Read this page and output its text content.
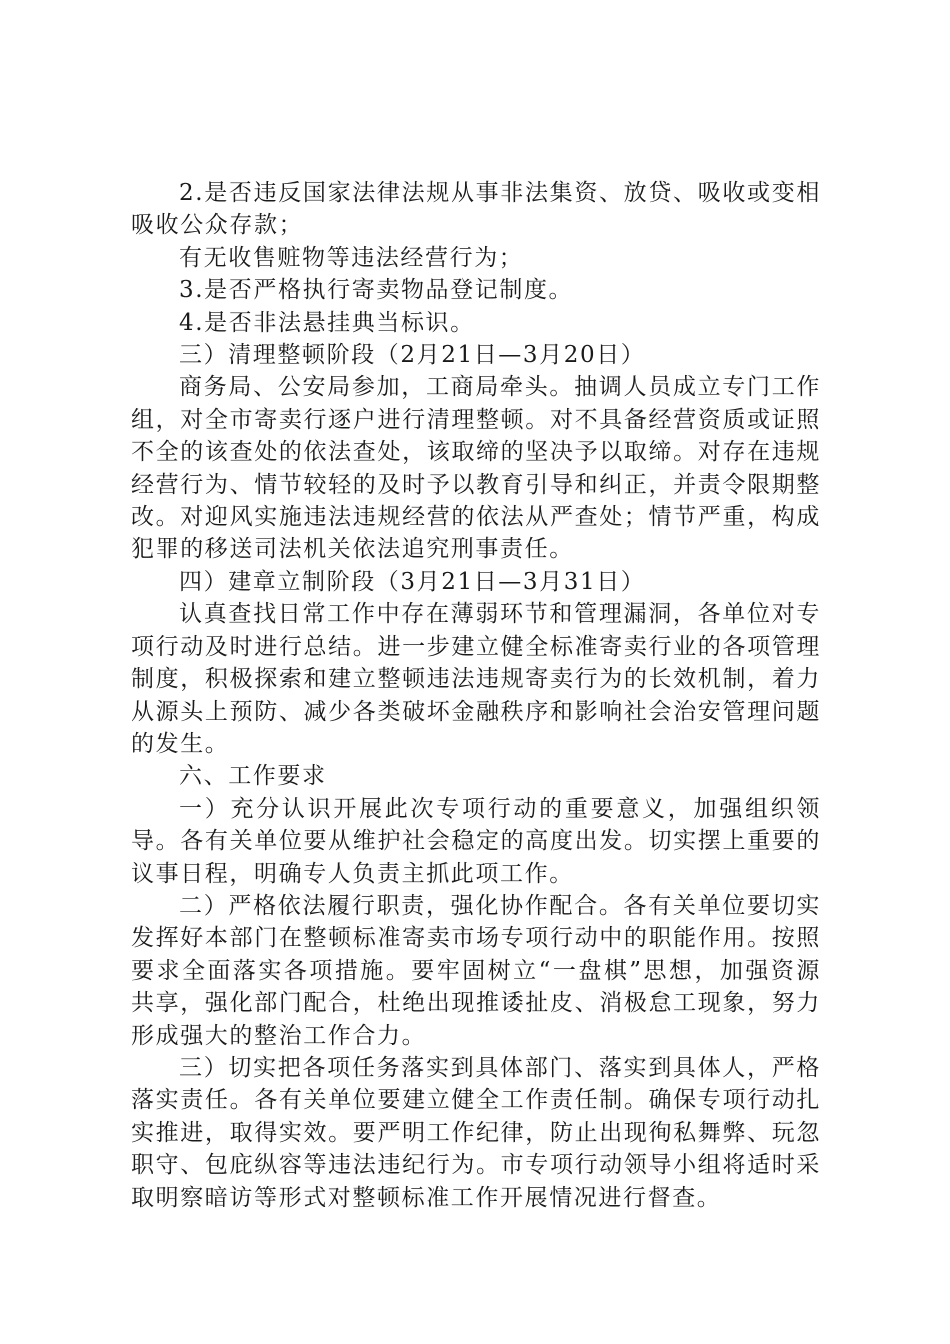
2.是否违反国家法律法规从事非法集资、放贷、吸收或变相吸收公众存款；

有无收售赃物等违法经营行为；

3.是否严格执行寄卖物品登记制度。

4.是否非法悬挂典当标识。

三）清理整顿阶段（2月21日—3月20日）

商务局、公安局参加，工商局牵头。抽调人员成立专门工作组，对全市寄卖行逐户进行清理整顿。对不具备经营资质或证照不全的该查处的依法查处，该取缔的坚决予以取缔。对存在违规经营行为、情节较轻的及时予以教育引导和纠正，并责令限期整改。对迎风实施违法违规经营的依法从严查处；情节严重，构成犯罪的移送司法机关依法追究刑事责任。

四）建章立制阶段（3月21日—3月31日）

认真查找日常工作中存在薄弱环节和管理漏洞，各单位对专项行动及时进行总结。进一步建立健全标准寄卖行业的各项管理制度，积极探索和建立整顿违法违规寄卖行为的长效机制，着力从源头上预防、减少各类破坏金融秩序和影响社会治安管理问题的发生。

六、工作要求

一）充分认识开展此次专项行动的重要意义，加强组织领导。各有关单位要从维护社会稳定的高度出发。切实摆上重要的议事日程，明确专人负责主抓此项工作。

二）严格依法履行职责，强化协作配合。各有关单位要切实发挥好本部门在整顿标准寄卖市场专项行动中的职能作用。按照要求全面落实各项措施。要牢固树立“一盘棋”思想，加强资源共享，强化部门配合，杜绝出现推诿扯皮、消极怠工现象，努力形成强大的整治工作合力。

三）切实把各项任务落实到具体部门、落实到具体人，严格落实责任。各有关单位要建立健全工作责任制。确保专项行动扎实推进，取得实效。要严明工作纪律，防止出现徇私舞弊、玩忽职守、包庇纵容等违法违纪行为。市专项行动领导小组将适时采取明察暗访等形式对整顿标准工作开展情况进行督查。
